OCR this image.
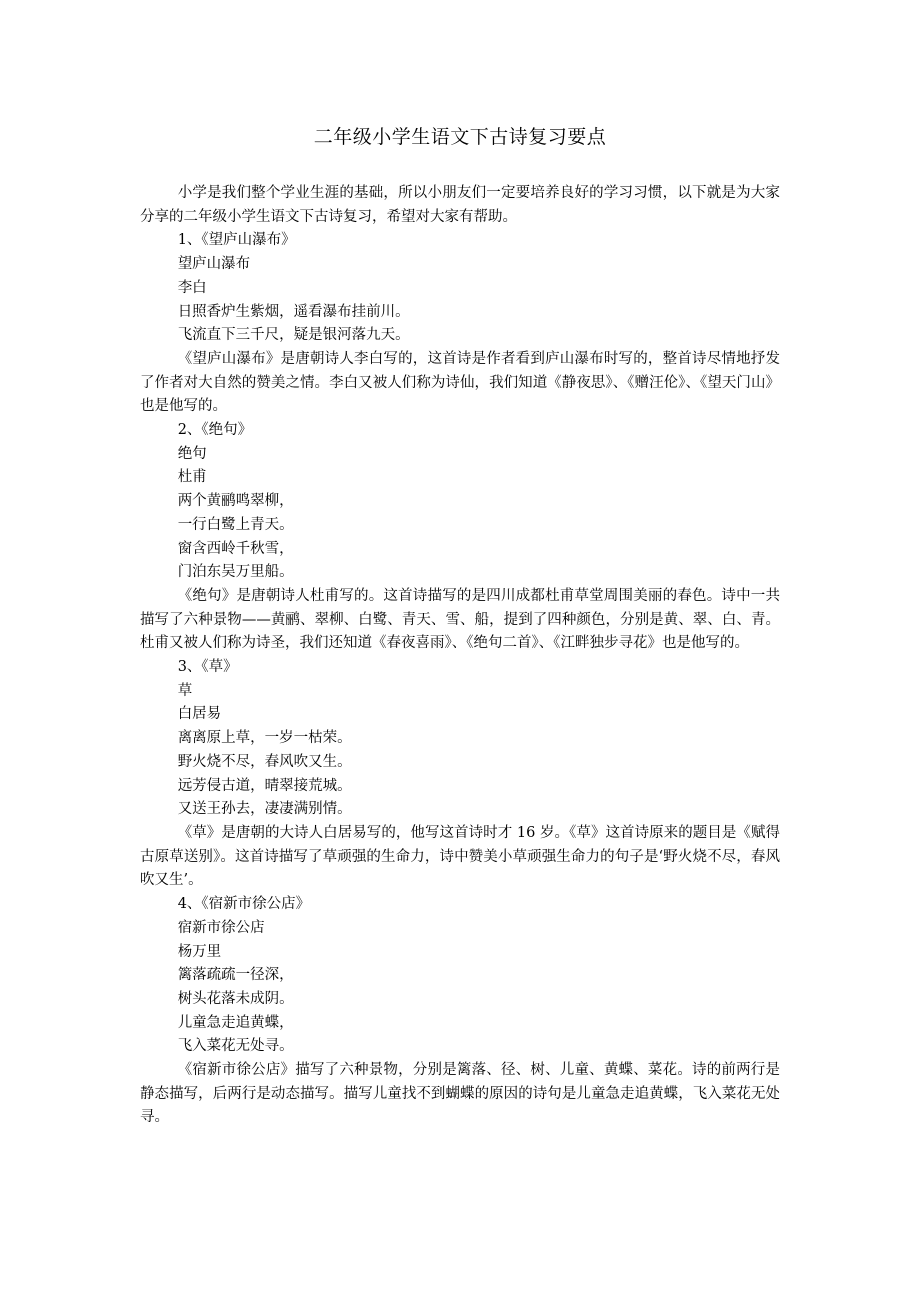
二年级小学生语文下古诗复习要点

小学是我们整个学业生涯的基础，所以小朋友们一定要培养良好的学习习惯，以下就是为大家分享的二年级小学生语文下古诗复习，希望对大家有帮助。

1、《望庐山瀑布》

望庐山瀑布

李白

日照香炉生紫烟，遥看瀑布挂前川。

飞流直下三千尺，疑是银河落九天。

《望庐山瀑布》是唐朝诗人李白写的，这首诗是作者看到庐山瀑布时写的，整首诗尽情地抒发了作者对大自然的赞美之情。李白又被人们称为诗仙，我们知道《静夜思》、《赠汪伦》、《望天门山》也是他写的。

2、《绝句》

绝句

杜甫

两个黄鹂鸣翠柳，

一行白鹭上青天。

窗含西岭千秋雪，

门泊东吴万里船。

《绝句》是唐朝诗人杜甫写的。这首诗描写的是四川成都杜甫草堂周围美丽的春色。诗中一共描写了六种景物——黄鹂、翠柳、白鹭、青天、雪、船，提到了四种颜色，分别是黄、翠、白、青。杜甫又被人们称为诗圣，我们还知道《春夜喜雨》、《绝句二首》、《江畔独步寻花》也是他写的。

3、《草》

草

白居易

离离原上草，一岁一枯荣。

野火烧不尽，春风吹又生。

远芳侵古道，晴翠接荒城。

又送王孙去，凄凄满别情。

《草》是唐朝的大诗人白居易写的，他写这首诗时才 16 岁。《草》这首诗原来的题目是《赋得古原草送别》。这首诗描写了草顽强的生命力，诗中赞美小草顽强生命力的句子是‘野火烧不尽，春风吹又生’。

4、《宿新市徐公店》

宿新市徐公店

杨万里

篱落疏疏一径深，

树头花落未成阴。

儿童急走追黄蝶，

飞入菜花无处寻。

《宿新市徐公店》描写了六种景物，分别是篱落、径、树、儿童、黄蝶、菜花。诗的前两行是静态描写，后两行是动态描写。描写儿童找不到蝴蝶的原因的诗句是儿童急走追黄蝶，飞入菜花无处寻。
